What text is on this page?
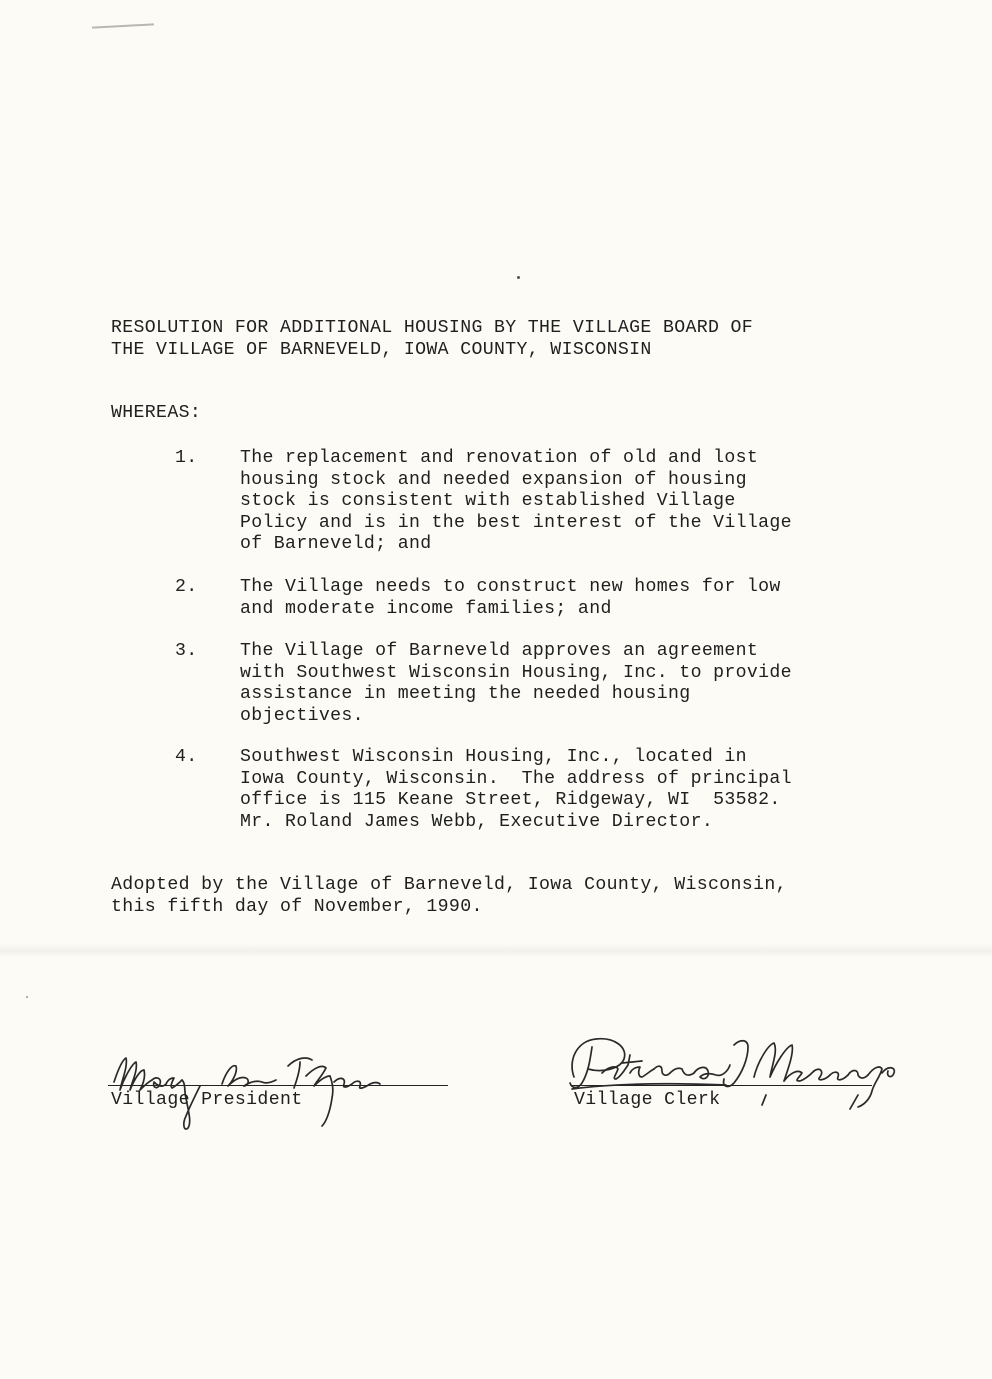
RESOLUTION FOR ADDITIONAL HOUSING BY THE VILLAGE BOARD OF
THE VILLAGE OF BARNEVELD, IOWA COUNTY, WISCONSIN
WHEREAS:
1. The replacement and renovation of old and lost
housing stock and needed expansion of housing
stock is consistent with established Village
Policy and is in the best interest of the Village
of Barneveld; and
2. The Village needs to construct new homes for low
and moderate income families; and
3. The Village of Barneveld approves an agreement
with Southwest Wisconsin Housing, Inc. to provide
assistance in meeting the needed housing
objectives.
4. Southwest Wisconsin Housing, Inc., located in
Iowa County, Wisconsin.  The address of principal
office is 115 Keane Street, Ridgeway, WI  53582.
Mr. Roland James Webb, Executive Director.
Adopted by the Village of Barneveld, Iowa County, Wisconsin,
this fifth day of November, 1990.
Village President	Village Clerk
